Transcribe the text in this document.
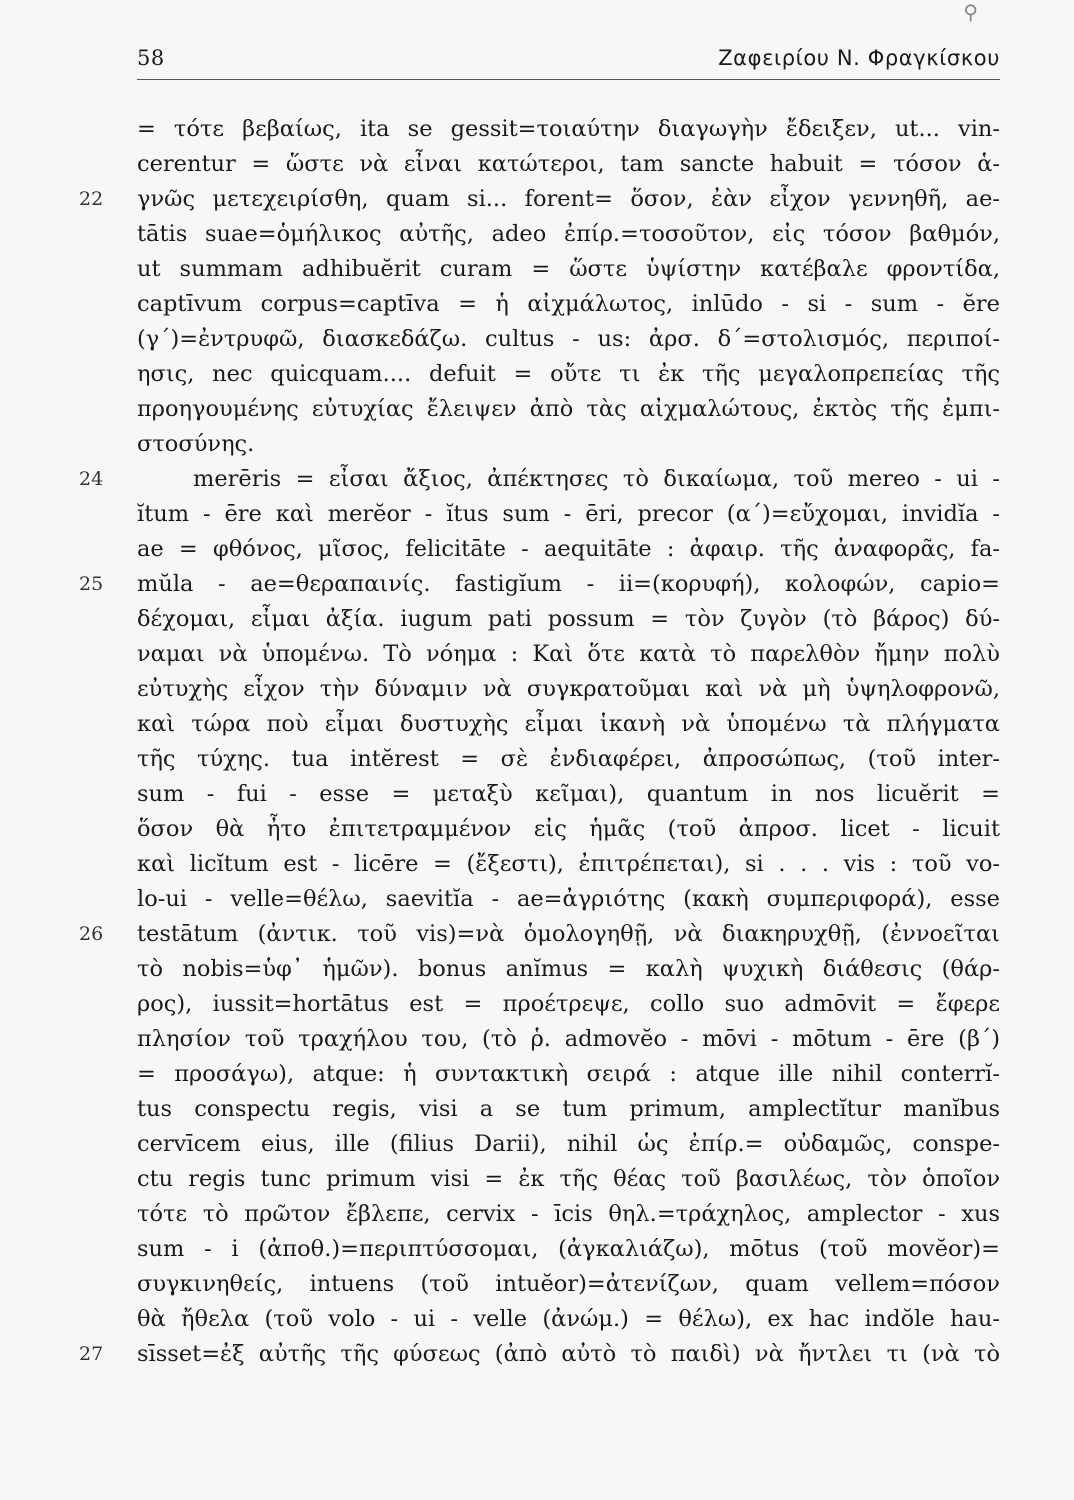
⚲
58	Ζαφειρίου Ν. Φραγκίσκου
= τότε βεβαίως, ita se gessit=τοιαύτην διαγωγὴν ἔδειξεν, ut... vin-
cerentur = ὥστε νὰ εἶναι κατώτεροι, tam sancte habuit = τόσον ἁ-
22 γνῶς μετεχειρίσθη, quam si... forent= ὅσον, ἐὰν εἶχον γεννηθῆ, ae-
tātis suae=ὁμήλικος αὐτῆς, adeo ἐπίρ.=τοσοῦτον, εἰς τόσον βαθμόν,
ut summam adhibuĕrit curam = ὥστε ὑψίστην κατέβαλε φροντίδα,
captīvum corpus=captīva = ἡ αἰχμάλωτος, inlūdo - si - sum - ĕre
(γ΄)=ἐντρυφῶ, διασκεδάζω. cultus - us: ἀρσ. δ΄=στολισμός, περιποί-
ησις, nec quicquam.... defuit = οὔτε τι ἐκ τῆς μεγαλοπρεπείας τῆς
προηγουμένης εὐτυχίας ἔλειψεν ἀπὸ τὰς αἰχμαλώτους, ἐκτὸς τῆς ἐμπι-
στοσύνης.
24	merēris = εἶσαι ἄξιος, ἀπέκτησες τὸ δικαίωμα, τοῦ mereo - ui -
ĭtum - ēre καὶ merĕor - ĭtus sum - ēri, precor (α΄)=εὔχομαι, invidĭa -
ae = φθόνος, μῖσος, felicitāte - aequitāte : ἀφαιρ. τῆς ἀναφορᾶς, fa-
25 mŭla - ae=θεραπαινίς. fastigĭum - ii=(κορυφή), κολοφών, capio=
δέχομαι, εἶμαι ἀξία. iugum pati possum = τὸν ζυγὸν (τὸ βάρος) δύ-
ναμαι νὰ ὑπομένω. Τὸ νόημα : Καὶ ὅτε κατὰ τὸ παρελθὸν ἤμην πολὺ
εὐτυχὴς εἶχον τὴν δύναμιν νὰ συγκρατοῦμαι καὶ νὰ μὴ ὑψηλοφρονῶ,
καὶ τώρα ποὺ εἶμαι δυστυχὴς εἶμαι ἱκανὴ νὰ ὑπομένω τὰ πλήγματα
τῆς τύχης. tua intĕrest = σὲ ἐνδιαφέρει, ἀπροσώπως, (τοῦ inter-
sum - fui - esse = μεταξὺ κεῖμαι), quantum in nos licuĕrit =
ὅσον θὰ ἦτο ἐπιτετραμμένον εἰς ἡμᾶς (τοῦ ἀπροσ. licet - licuit
καὶ licĭtum est - licēre = (ἔξεστι), ἐπιτρέπεται), si . . . vis : τοῦ vo-
lo-ui - velle=θέλω, saevitĭa - ae=ἀγριότης (κακὴ συμπεριφορά), esse
26 testātum (ἀντικ. τοῦ vis)=νὰ ὁμολογηθῇ, νὰ διακηρυχθῇ, (ἐννοεῖται
τὸ nobis=ὑφ᾽ ἡμῶν). bonus anĭmus = καλὴ ψυχικὴ διάθεσις (θάρ-
ρος), iussit=hortātus est = προέτρεψε, collo suo admōvit = ἔφερε
πλησίον τοῦ τραχήλου του, (τὸ ῥ. admovĕo - mōvi - mōtum - ēre (β΄)
= προσάγω), atque: ἡ συντακτικὴ σειρά : atque ille nihil conterrĭ-
tus conspectu regis, visi a se tum primum, amplectĭtur manĭbus
cervīcem eius, ille (filius Darii), nihil ὡς ἐπίρ.= οὐδαμῶς, conspe-
ctu regis tunc primum visi = ἐκ τῆς θέας τοῦ βασιλέως, τὸν ὁποῖον
τότε τὸ πρῶτον ἔβλεπε, cervix - īcis θηλ.=τράχηλος, amplector - xus
sum - i (ἀποθ.)=περιπτύσσομαι, (ἀγκαλιάζω), mōtus (τοῦ movĕor)=
συγκινηθείς, intuens (τοῦ intuĕor)=ἀτενίζων, quam vellem=πόσον
θὰ ἤθελα (τοῦ volo - ui - velle (ἀνώμ.) = θέλω), ex hac indŏle hau-
27 sīsset=ἐξ αὐτῆς τῆς φύσεως (ἀπὸ αὐτὸ τὸ παιδὶ) νὰ ἤντλει τι (νὰ τὸ
